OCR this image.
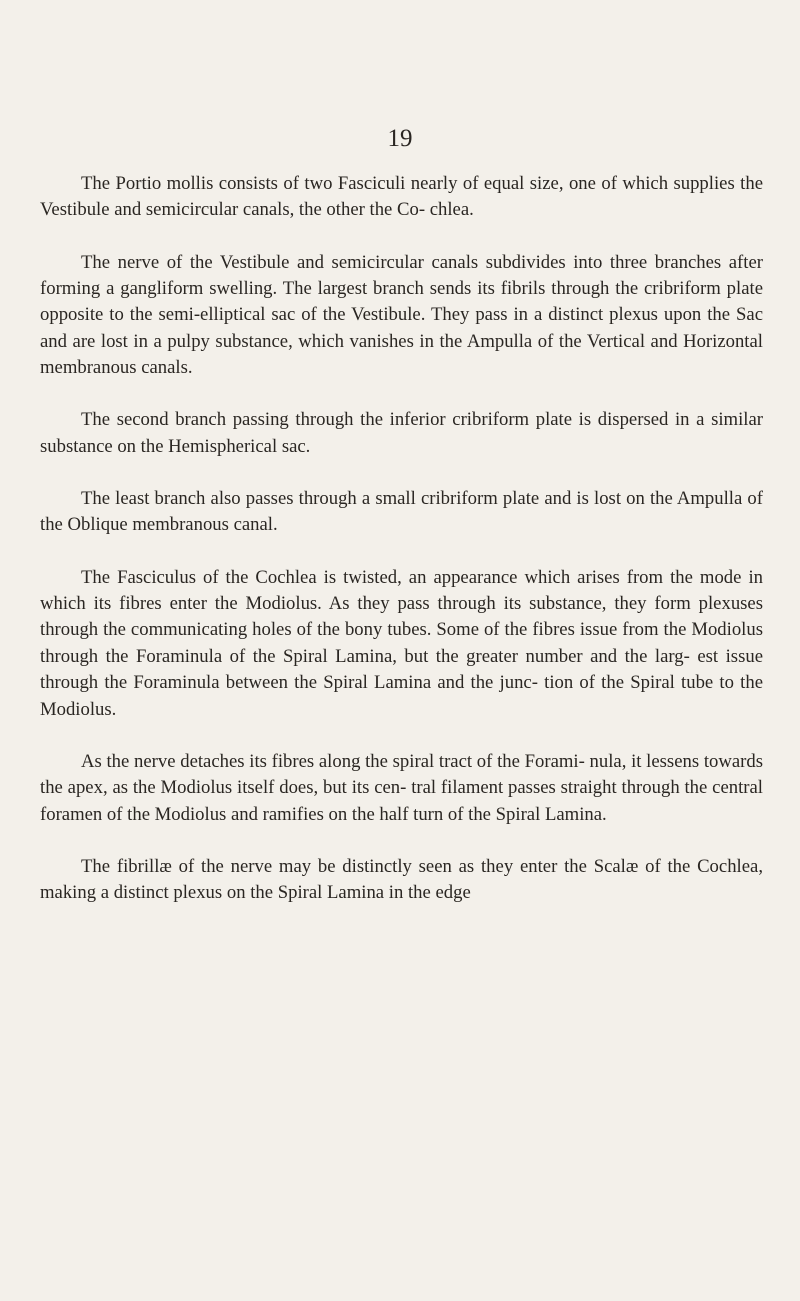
19

The Portio mollis consists of two Fasciculi nearly of equal size, one of which supplies the Vestibule and semicircular canals, the other the Co- chlea.

The nerve of the Vestibule and semicircular canals subdivides into three branches after forming a gangliform swelling. The largest branch sends its fibrils through the cribriform plate opposite to the semi-elliptical sac of the Vestibule. They pass in a distinct plexus upon the Sac and are lost in a pulpy substance, which vanishes in the Ampulla of the Vertical and Horizontal membranous canals.

The second branch passing through the inferior cribriform plate is dispersed in a similar substance on the Hemispherical sac.

The least branch also passes through a small cribriform plate and is lost on the Ampulla of the Oblique membranous canal.

The Fasciculus of the Cochlea is twisted, an appearance which arises from the mode in which its fibres enter the Modiolus. As they pass through its substance, they form plexuses through the communicating holes of the bony tubes. Some of the fibres issue from the Modiolus through the Foraminula of the Spiral Lamina, but the greater number and the larg- est issue through the Foraminula between the Spiral Lamina and the junc- tion of the Spiral tube to the Modiolus.

As the nerve detaches its fibres along the spiral tract of the Forami- nula, it lessens towards the apex, as the Modiolus itself does, but its cen- tral filament passes straight through the central foramen of the Modiolus and ramifies on the half turn of the Spiral Lamina.

The fibrillæ of the nerve may be distinctly seen as they enter the Scalæ of the Cochlea, making a distinct plexus on the Spiral Lamina in the edge
